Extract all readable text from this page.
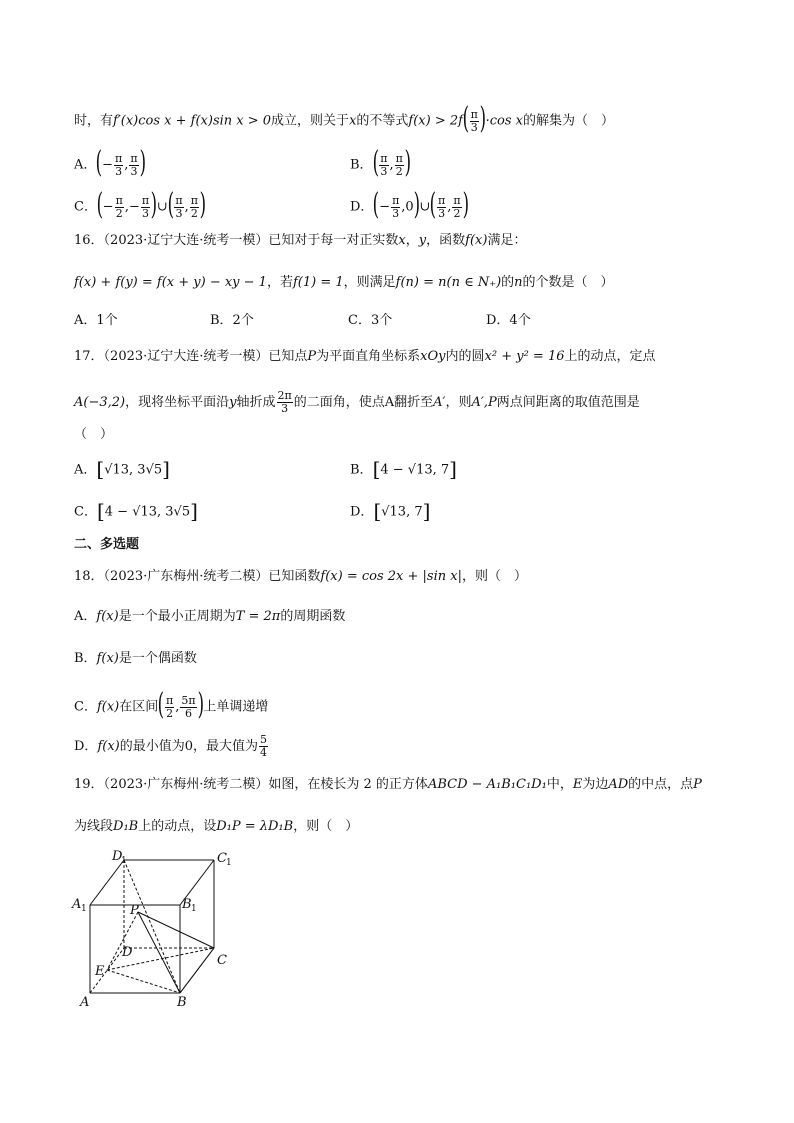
时，有f′(x)cos x + f(x)sin x > 0成立，则关于x的不等式$f(x) > 2f( \frac{\pi}{3} )\cdot\cos$ x的解集为（　）
A．(− $\frac{\pi}{3}$ , $\frac{\pi}{3}$ )	B．( $\frac{\pi}{3}$ , $\frac{\pi}{2}$ )
C．(− $\frac{\pi}{2}$ ,− $\frac{\pi}{3}$ )∪( $\frac{\pi}{3}$ , $\frac{\pi}{2}$ )	D．(− $\frac{\pi}{3}$ ,0)∪( $\frac{\pi}{3}$ , $\frac{\pi}{2}$ )
16．（2023·辽宁大连·统考一模）已知对于每一对正实数x，y，函数f(x)满足：
f(x) + f(y) = f(x + y) − xy − 1，若f(1) = 1，则满足f(n) = n(n ∈ N₊)的n的个数是（　）
A．1个	B．2个	C．3个	D．4个
17．（2023·辽宁大连·统考一模）已知点P为平面直角坐标系xOy内的圆x² + y² = 16上的动点，定点
A(−3,2)，现将坐标平面沿y轴折成 $\frac{2\pi}{3}$ 的二面角，使点A翻折至A′，则A′,P两点间距离的取值范围是
（　）
A．[√13, 3√5]	B．[4 − √13, 7]
C．[4 − √13, 3√5]	D．[√13, 7]
二、多选题
18．（2023·广东梅州·统考二模）已知函数f(x) = cos 2x + |sin x|，则（　）
A．f(x)是一个最小正周期为T = 2π的周期函数
B．f(x)是一个偶函数
C．f(x)在区间( $\frac{\pi}{2}$ , $\frac{5\pi}{6}$ )上单调递增
D．f(x)的最小值为0，最大值为 $\frac{5}{4}$
19．（2023·广东梅州·统考二模）如图，在棱长为 2 的正方体ABCD − A₁B₁C₁D₁中，E为边AD的中点，点P
为线段D₁B上的动点，设D₁P = λD₁B，则（　）
D
1	C 1
A 1	B 1
P
D
C
E
A	B
